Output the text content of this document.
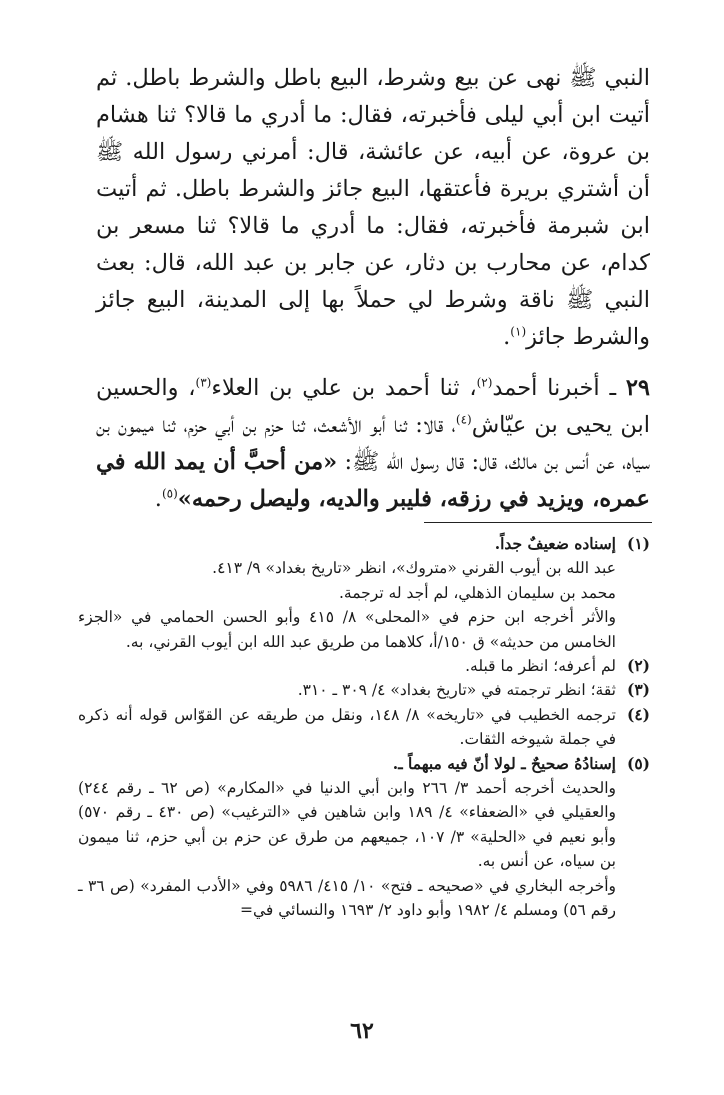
النبي ﷺ نهى عن بيع وشرط، البيع باطل والشرط باطل. ثم أتيت ابن أبي ليلى فأخبرته، فقال: ما أدري ما قالا؟ ثنا هشام بن عروة، عن أبيه، عن عائشة، قال: أمرني رسول الله ﷺ أن أشتري بريرة فأعتقها، البيع جائز والشرط باطل. ثم أتيت ابن شبرمة فأخبرته، فقال: ما أدري ما قالا؟ ثنا مسعر بن كدام، عن محارب بن دثار، عن جابر بن عبد الله، قال: بعث النبي ﷺ ناقة وشرط لي حملاً بها إلى المدينة، البيع جائز والشرط جائز$^{(١)}$.

٢٩ ـ أخبرنا أحمد$^{(٢)}$، ثنا أحمد بن علي بن العلاء$^{(٣)}$، والحسين ابن يحيى بن عيّاش$^{(٤)}$، قالا: ثنا أبو الأشعث، ثنا حزم بن أبي حزم، ثنا ميمون بن سياه، عن أنس بن مالك، قال: قال رسول الله ﷺ: «من أحبَّ أن يمد الله في عمره، ويزيد في رزقه، فليبر والديه، وليصل رحمه»$^{(٥)}$.

(١)
إسناده ضعيفٌ جداً.
عبد الله بن أيوب القرني «متروك»، انظر «تاريخ بغداد» ٩/ ٤١٣.
محمد بن سليمان الذهلي، لم أجد له ترجمة.
والأثر أخرجه ابن حزم في «المحلى» ٨/ ٤١٥ وأبو الحسن الحمامي في «الجزء الخامس من حديثه» ق ١٥٠/أ، كلاهما من طريق عبد الله ابن أيوب القرني، به.
(٢)
لم أعرفه؛ انظر ما قبله.
(٣)
ثقة؛ انظر ترجمته في «تاريخ بغداد» ٤/ ٣٠٩ ـ ٣١٠.
(٤)
ترجمه الخطيب في «تاريخه» ٨/ ١٤٨، ونقل من طريقه عن القوّاس قوله أنه ذكره في جملة شيوخه الثقات.
(٥)
إسنادُهُ صحيحٌ ـ لولا أنّ فيه مبهماً ـ.
والحديث أخرجه أحمد ٣/ ٢٦٦ وابن أبي الدنيا في «المكارم» (ص ٦٢ ـ رقم ٢٤٤) والعقيلي في «الضعفاء» ٤/ ١٨٩ وابن شاهين في «الترغيب» (ص ٤٣٠ ـ رقم ٥٧٠) وأبو نعيم في «الحلية» ٣/ ١٠٧، جميعهم من طرق عن حزم بن أبي حزم، ثنا ميمون بن سياه، عن أنس به.
وأخرجه البخاري في «صحيحه ـ فتح» ١٠/ ٤١٥/ ٥٩٨٦ وفي «الأدب المفرد» (ص ٣٦ ـ رقم ٥٦) ومسلم ٤/ ١٩٨٢ وأبو داود ٢/ ١٦٩٣ والنسائي في=
٦٢
